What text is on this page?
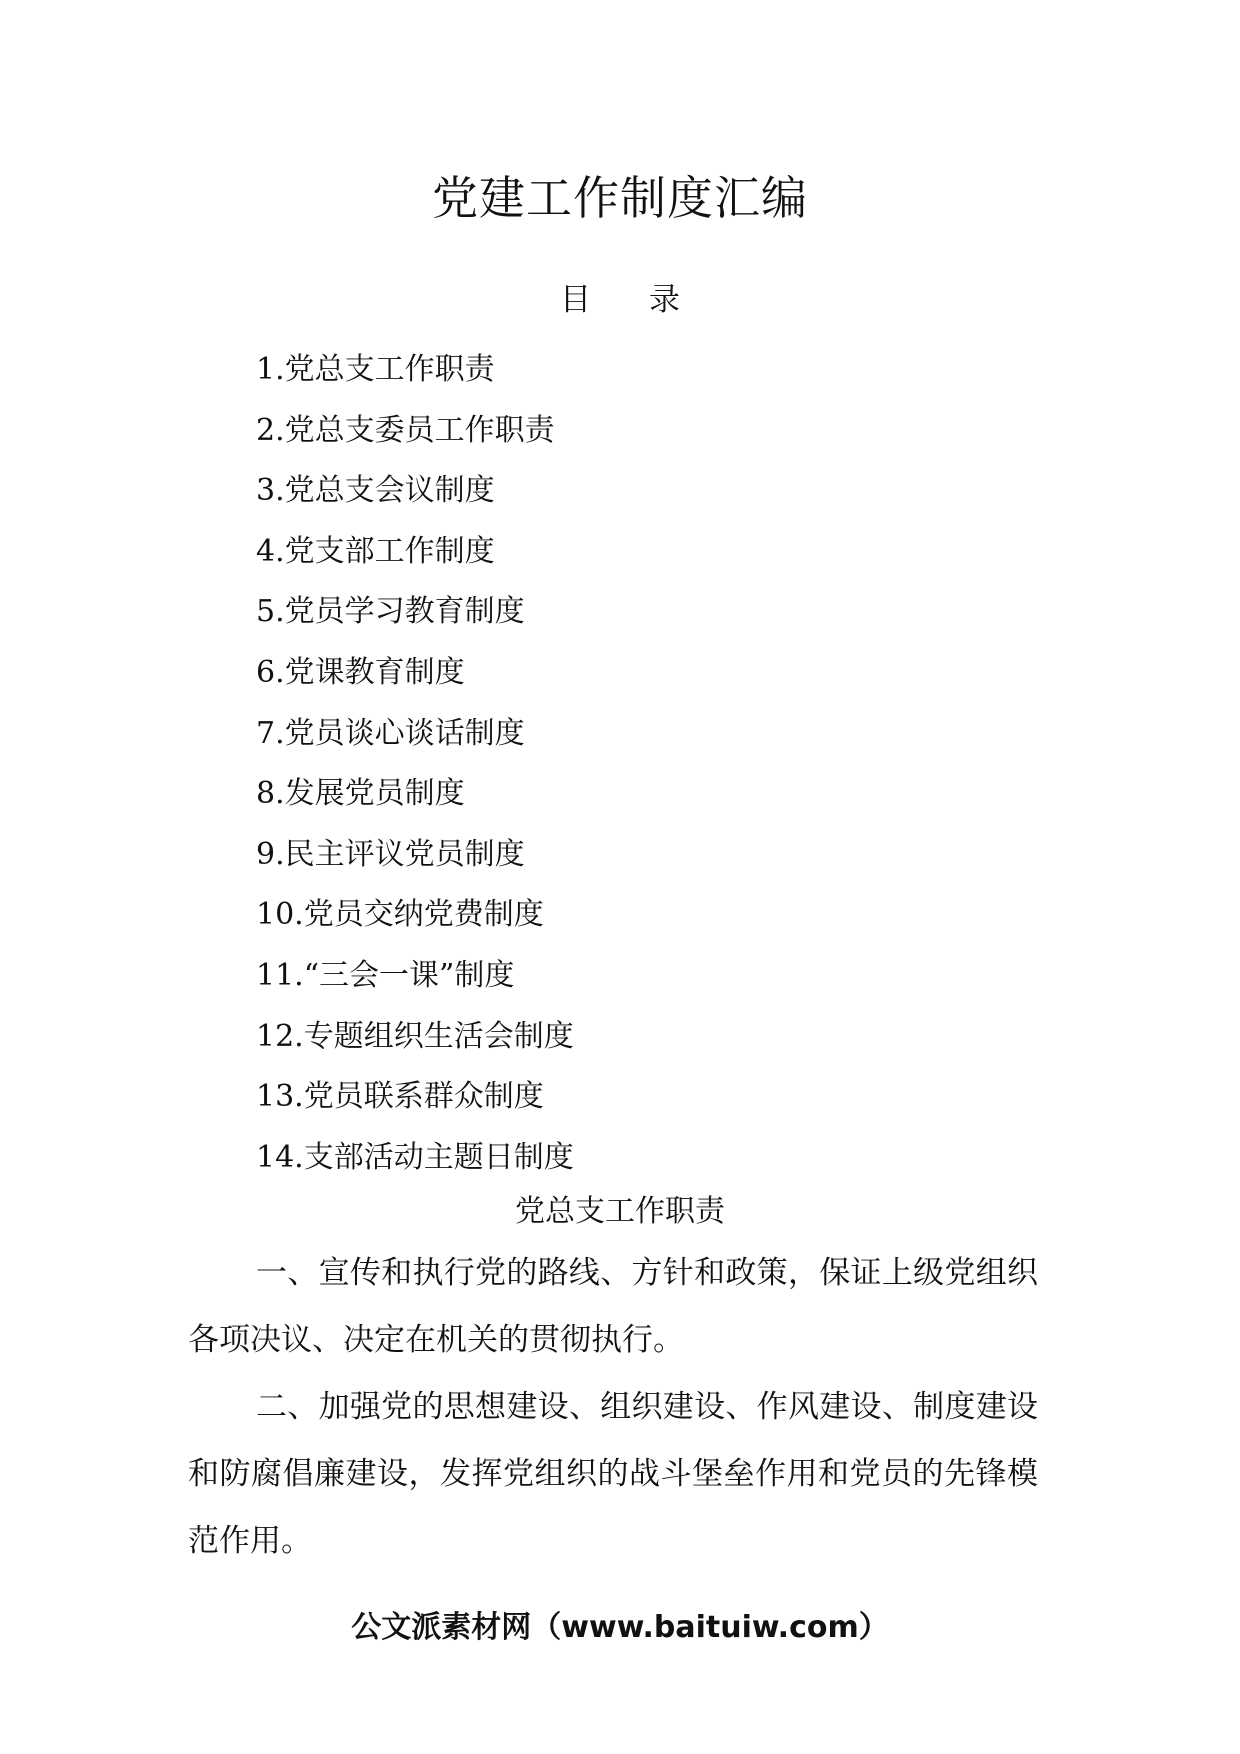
党建工作制度汇编
目 录
1.党总支工作职责
2.党总支委员工作职责
3.党总支会议制度
4.党支部工作制度
5.党员学习教育制度
6.党课教育制度
7.党员谈心谈话制度
8.发展党员制度
9.民主评议党员制度
10.党员交纳党费制度
11.“三会一课”制度
12.专题组织生活会制度
13.党员联系群众制度
14.支部活动主题日制度
党总支工作职责

一、宣传和执行党的路线、方针和政策，保证上级党组织各项决议、决定在机关的贯彻执行。

二、加强党的思想建设、组织建设、作风建设、制度建设和防腐倡廉建设，发挥党组织的战斗堡垒作用和党员的先锋模范作用。

公文派素材网（www.baituiw.com）
